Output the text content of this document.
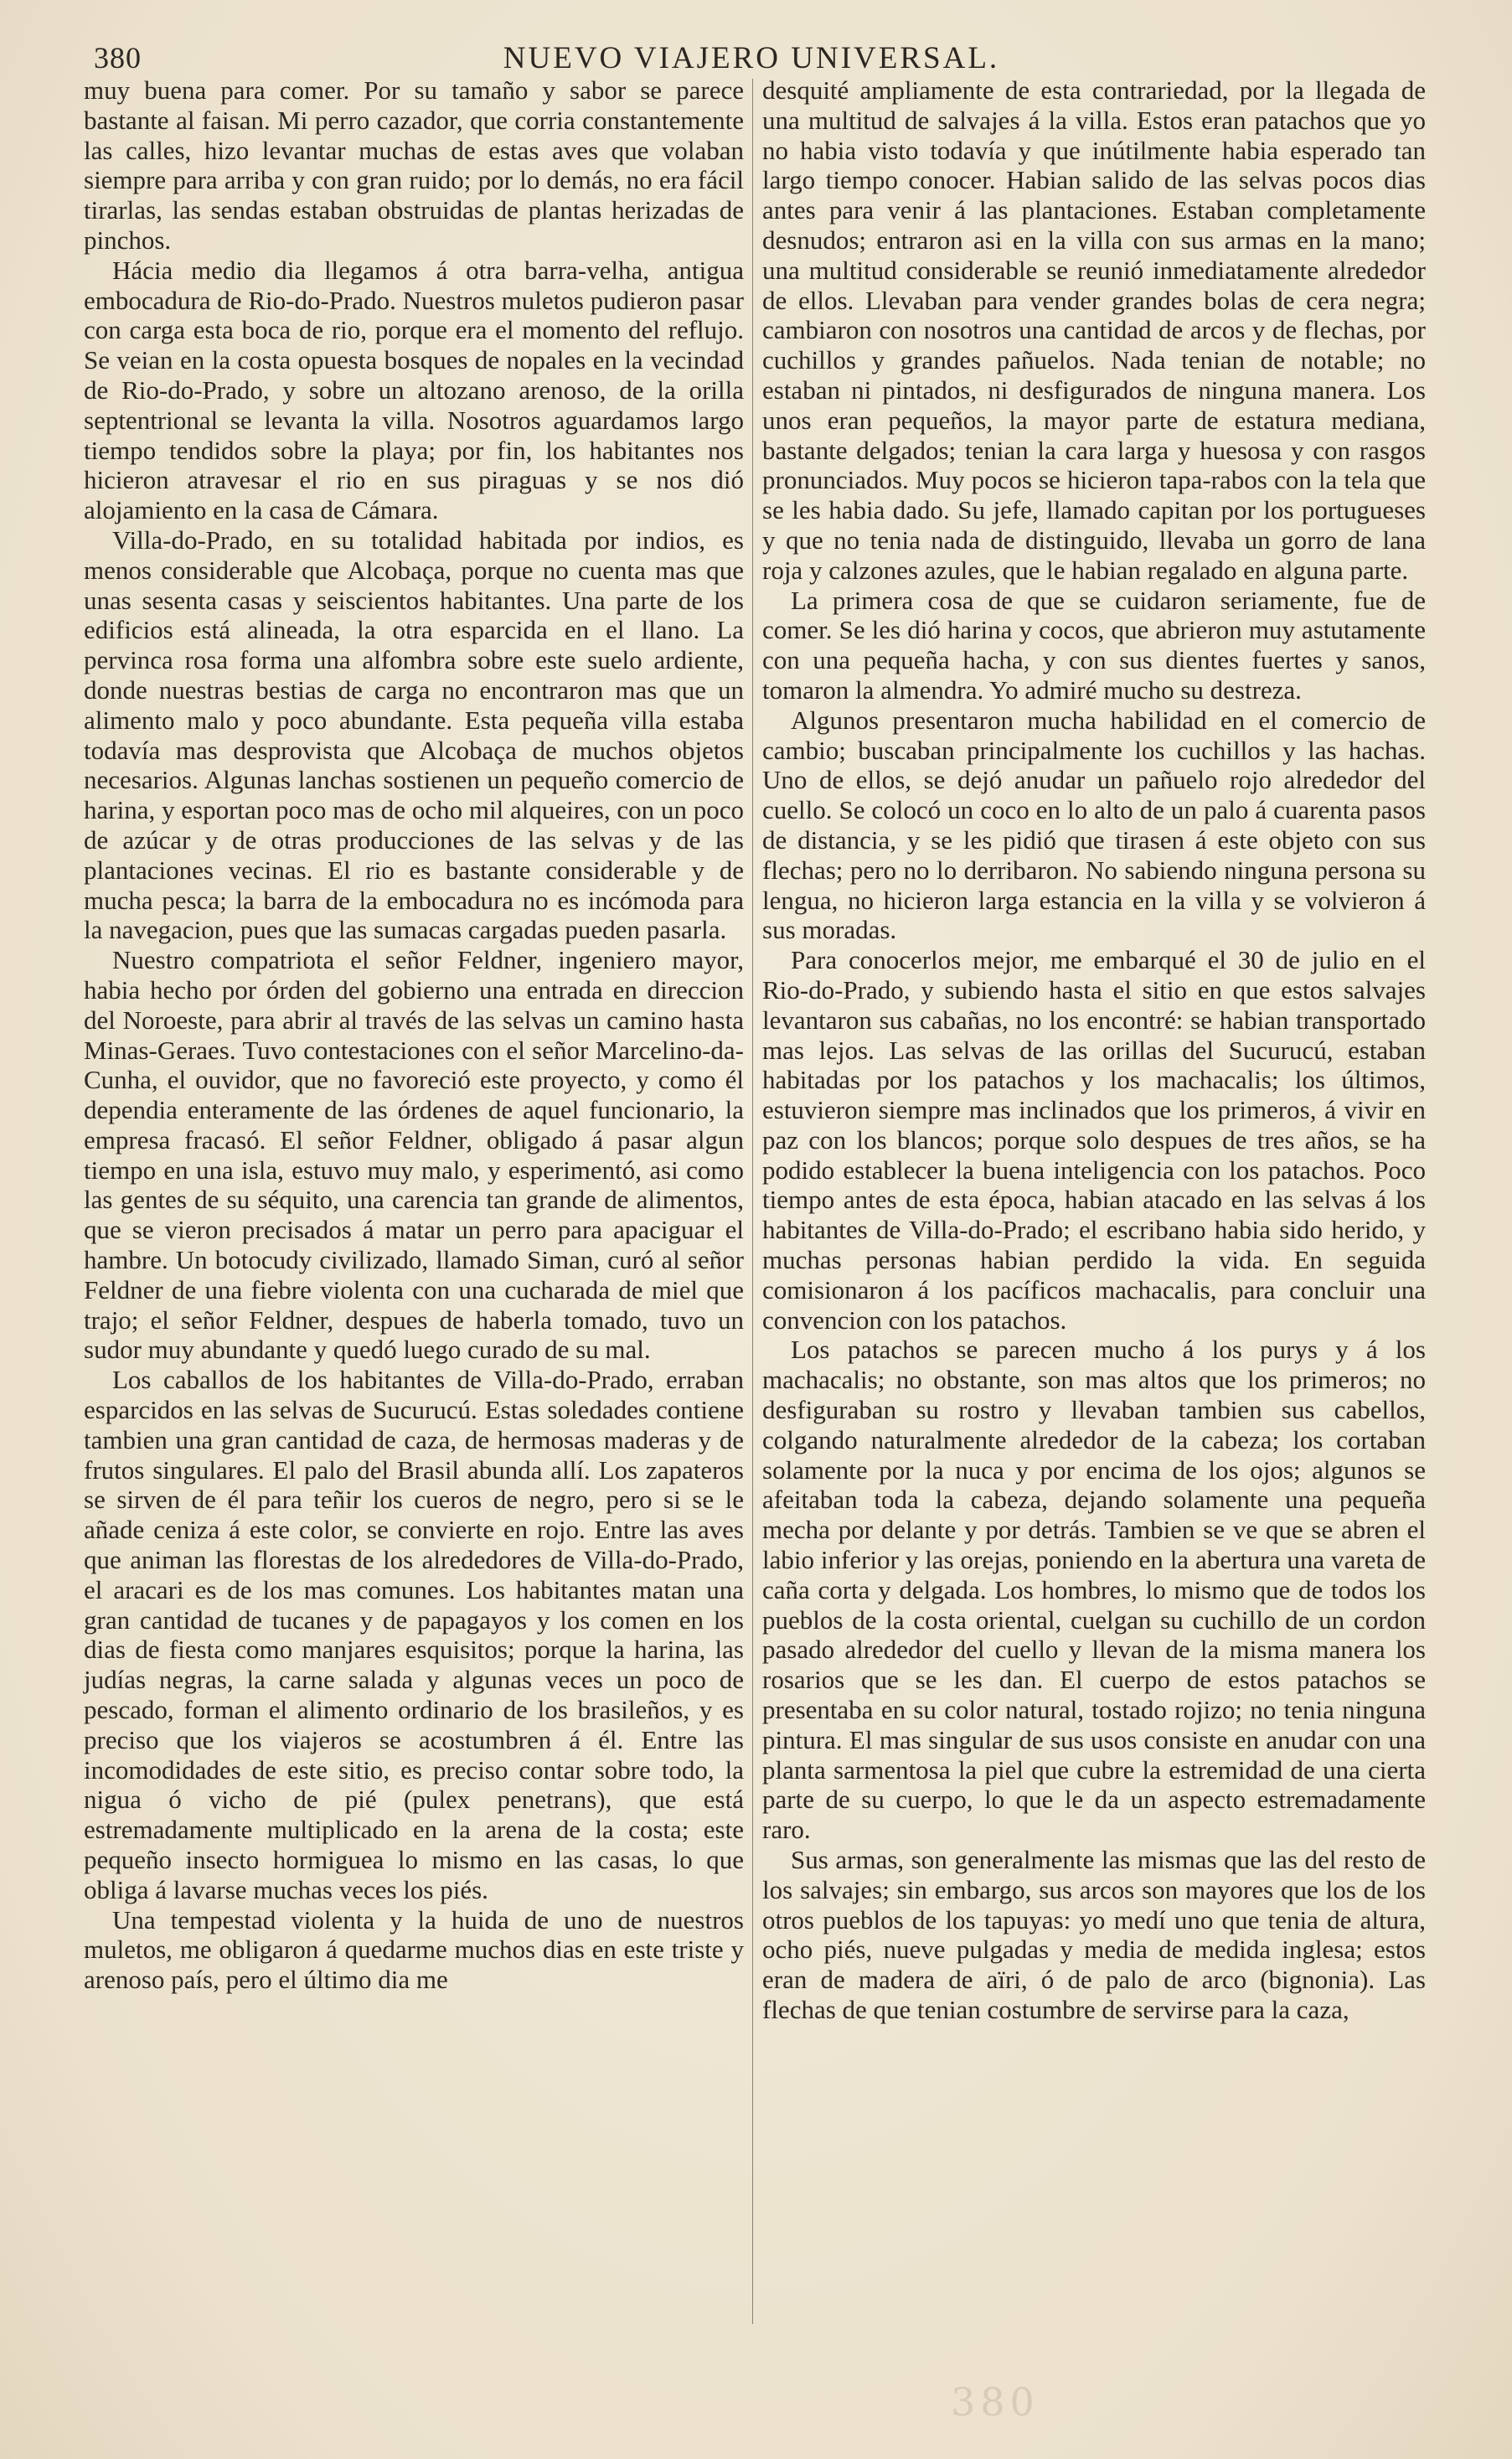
380	NUEVO VIAJERO UNIVERSAL.

muy buena para comer. Por su tamaño y sabor se parece bastante al faisan. Mi perro cazador, que corria constantemente las calles, hizo levantar muchas de estas aves que volaban siempre para arriba y con gran ruido; por lo demás, no era fácil tirarlas, las sendas estaban obstruidas de plantas herizadas de pinchos.

Hácia medio dia llegamos á otra barra-velha, antigua embocadura de Rio-do-Prado. Nuestros muletos pudieron pasar con carga esta boca de rio, porque era el momento del reflujo. Se veian en la costa opuesta bosques de nopales en la vecindad de Rio-do-Prado, y sobre un altozano arenoso, de la orilla septentrional se levanta la villa. Nosotros aguardamos largo tiempo tendidos sobre la playa; por fin, los habitantes nos hicieron atravesar el rio en sus piraguas y se nos dió alojamiento en la casa de Cámara.

Villa-do-Prado, en su totalidad habitada por indios, es menos considerable que Alcobaça, porque no cuenta mas que unas sesenta casas y seiscientos habitantes. Una parte de los edificios está alineada, la otra esparcida en el llano. La pervinca rosa forma una alfombra sobre este suelo ardiente, donde nuestras bestias de carga no encontraron mas que un alimento malo y poco abundante. Esta pequeña villa estaba todavía mas desprovista que Alcobaça de muchos objetos necesarios. Algunas lanchas sostienen un pequeño comercio de harina, y esportan poco mas de ocho mil alqueires, con un poco de azúcar y de otras producciones de las selvas y de las plantaciones vecinas. El rio es bastante considerable y de mucha pesca; la barra de la embocadura no es incómoda para la navegacion, pues que las sumacas cargadas pueden pasarla.

Nuestro compatriota el señor Feldner, ingeniero mayor, habia hecho por órden del gobierno una entrada en direccion del Noroeste, para abrir al través de las selvas un camino hasta Minas-Geraes. Tuvo contestaciones con el señor Marcelino-da-Cunha, el ouvidor, que no favoreció este proyecto, y como él dependia enteramente de las órdenes de aquel funcionario, la empresa fracasó. El señor Feldner, obligado á pasar algun tiempo en una isla, estuvo muy malo, y esperimentó, asi como las gentes de su séquito, una carencia tan grande de alimentos, que se vieron precisados á matar un perro para apaciguar el hambre. Un botocudy civilizado, llamado Siman, curó al señor Feldner de una fiebre violenta con una cucharada de miel que trajo; el señor Feldner, despues de haberla tomado, tuvo un sudor muy abundante y quedó luego curado de su mal.

Los caballos de los habitantes de Villa-do-Prado, erraban esparcidos en las selvas de Sucurucú. Estas soledades contiene tambien una gran cantidad de caza, de hermosas maderas y de frutos singulares. El palo del Brasil abunda allí. Los zapateros se sirven de él para teñir los cueros de negro, pero si se le añade ceniza á este color, se convierte en rojo. Entre las aves que animan las florestas de los alrededores de Villa-do-Prado, el aracari es de los mas comunes. Los habitantes matan una gran cantidad de tucanes y de papagayos y los comen en los dias de fiesta como manjares esquisitos; porque la harina, las judías negras, la carne salada y algunas veces un poco de pescado, forman el alimento ordinario de los brasileños, y es preciso que los viajeros se acostumbren á él. Entre las incomodidades de este sitio, es preciso contar sobre todo, la nigua ó vicho de pié (pulex penetrans), que está estremadamente multiplicado en la arena de la costa; este pequeño insecto hormiguea lo mismo en las casas, lo que obliga á lavarse muchas veces los piés.

Una tempestad violenta y la huida de uno de nuestros muletos, me obligaron á quedarme muchos dias en este triste y arenoso país, pero el último dia me

desquité ampliamente de esta contrariedad, por la llegada de una multitud de salvajes á la villa. Estos eran patachos que yo no habia visto todavía y que inútilmente habia esperado tan largo tiempo conocer. Habian salido de las selvas pocos dias antes para venir á las plantaciones. Estaban completamente desnudos; entraron asi en la villa con sus armas en la mano; una multitud considerable se reunió inmediatamente alrededor de ellos. Llevaban para vender grandes bolas de cera negra; cambiaron con nosotros una cantidad de arcos y de flechas, por cuchillos y grandes pañuelos. Nada tenian de notable; no estaban ni pintados, ni desfigurados de ninguna manera. Los unos eran pequeños, la mayor parte de estatura mediana, bastante delgados; tenian la cara larga y huesosa y con rasgos pronunciados. Muy pocos se hicieron tapa-rabos con la tela que se les habia dado. Su jefe, llamado capitan por los portugueses y que no tenia nada de distinguido, llevaba un gorro de lana roja y calzones azules, que le habian regalado en alguna parte.

La primera cosa de que se cuidaron seriamente, fue de comer. Se les dió harina y cocos, que abrieron muy astutamente con una pequeña hacha, y con sus dientes fuertes y sanos, tomaron la almendra. Yo admiré mucho su destreza.

Algunos presentaron mucha habilidad en el comercio de cambio; buscaban principalmente los cuchillos y las hachas. Uno de ellos, se dejó anudar un pañuelo rojo alrededor del cuello. Se colocó un coco en lo alto de un palo á cuarenta pasos de distancia, y se les pidió que tirasen á este objeto con sus flechas; pero no lo derribaron. No sabiendo ninguna persona su lengua, no hicieron larga estancia en la villa y se volvieron á sus moradas.

Para conocerlos mejor, me embarqué el 30 de julio en el Rio-do-Prado, y subiendo hasta el sitio en que estos salvajes levantaron sus cabañas, no los encontré: se habian transportado mas lejos. Las selvas de las orillas del Sucurucú, estaban habitadas por los patachos y los machacalis; los últimos, estuvieron siempre mas inclinados que los primeros, á vivir en paz con los blancos; porque solo despues de tres años, se ha podido establecer la buena inteligencia con los patachos. Poco tiempo antes de esta época, habian atacado en las selvas á los habitantes de Villa-do-Prado; el escribano habia sido herido, y muchas personas habian perdido la vida. En seguida comisionaron á los pacíficos machacalis, para concluir una convencion con los patachos.

Los patachos se parecen mucho á los purys y á los machacalis; no obstante, son mas altos que los primeros; no desfiguraban su rostro y llevaban tambien sus cabellos, colgando naturalmente alrededor de la cabeza; los cortaban solamente por la nuca y por encima de los ojos; algunos se afeitaban toda la cabeza, dejando solamente una pequeña mecha por delante y por detrás. Tambien se ve que se abren el labio inferior y las orejas, poniendo en la abertura una vareta de caña corta y delgada. Los hombres, lo mismo que de todos los pueblos de la costa oriental, cuelgan su cuchillo de un cordon pasado alrededor del cuello y llevan de la misma manera los rosarios que se les dan. El cuerpo de estos patachos se presentaba en su color natural, tostado rojizo; no tenia ninguna pintura. El mas singular de sus usos consiste en anudar con una planta sarmentosa la piel que cubre la estremidad de una cierta parte de su cuerpo, lo que le da un aspecto estremadamente raro.

Sus armas, son generalmente las mismas que las del resto de los salvajes; sin embargo, sus arcos son mayores que los de los otros pueblos de los tapuyas: yo medí uno que tenia de altura, ocho piés, nueve pulgadas y media de medida inglesa; estos eran de madera de aïri, ó de palo de arco (bignonia). Las flechas de que tenian costumbre de servirse para la caza,

380
